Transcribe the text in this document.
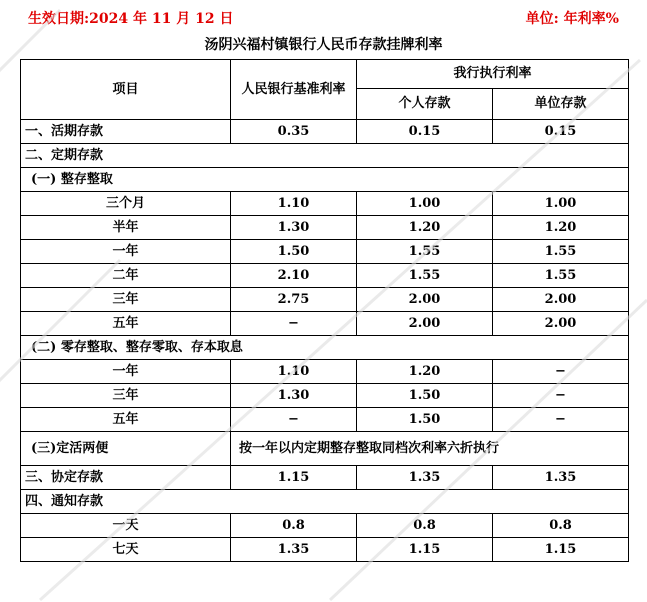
生效日期:2024 年 11 月 12 日	单位: 年利率%
汤阴兴福村镇银行人民币存款挂牌利率
项目	人民银行基准利率	我行执行利率	
		个人存款	单位存款
一、活期存款	0.35	0.15	0.15
二、定期存款			
(一) 整存整取			
三个月	1.10	1.00	1.00
半年	1.30	1.20	1.20
一年	1.50	1.55	1.55
二年	2.10	1.55	1.55
三年	2.75	2.00	2.00
五年	−	2.00	2.00
(二) 零存整取、整存零取、存本取息			
一年	1.10	1.20	−
三年	1.30	1.50	−
五年	−	1.50	−
(三)定活两便	按一年以内定期整存整取同档次利率六折执行		
三、协定存款	1.15	1.35	1.35
四、通知存款			
一天	0.8	0.8	0.8
七天	1.35	1.15	1.15
